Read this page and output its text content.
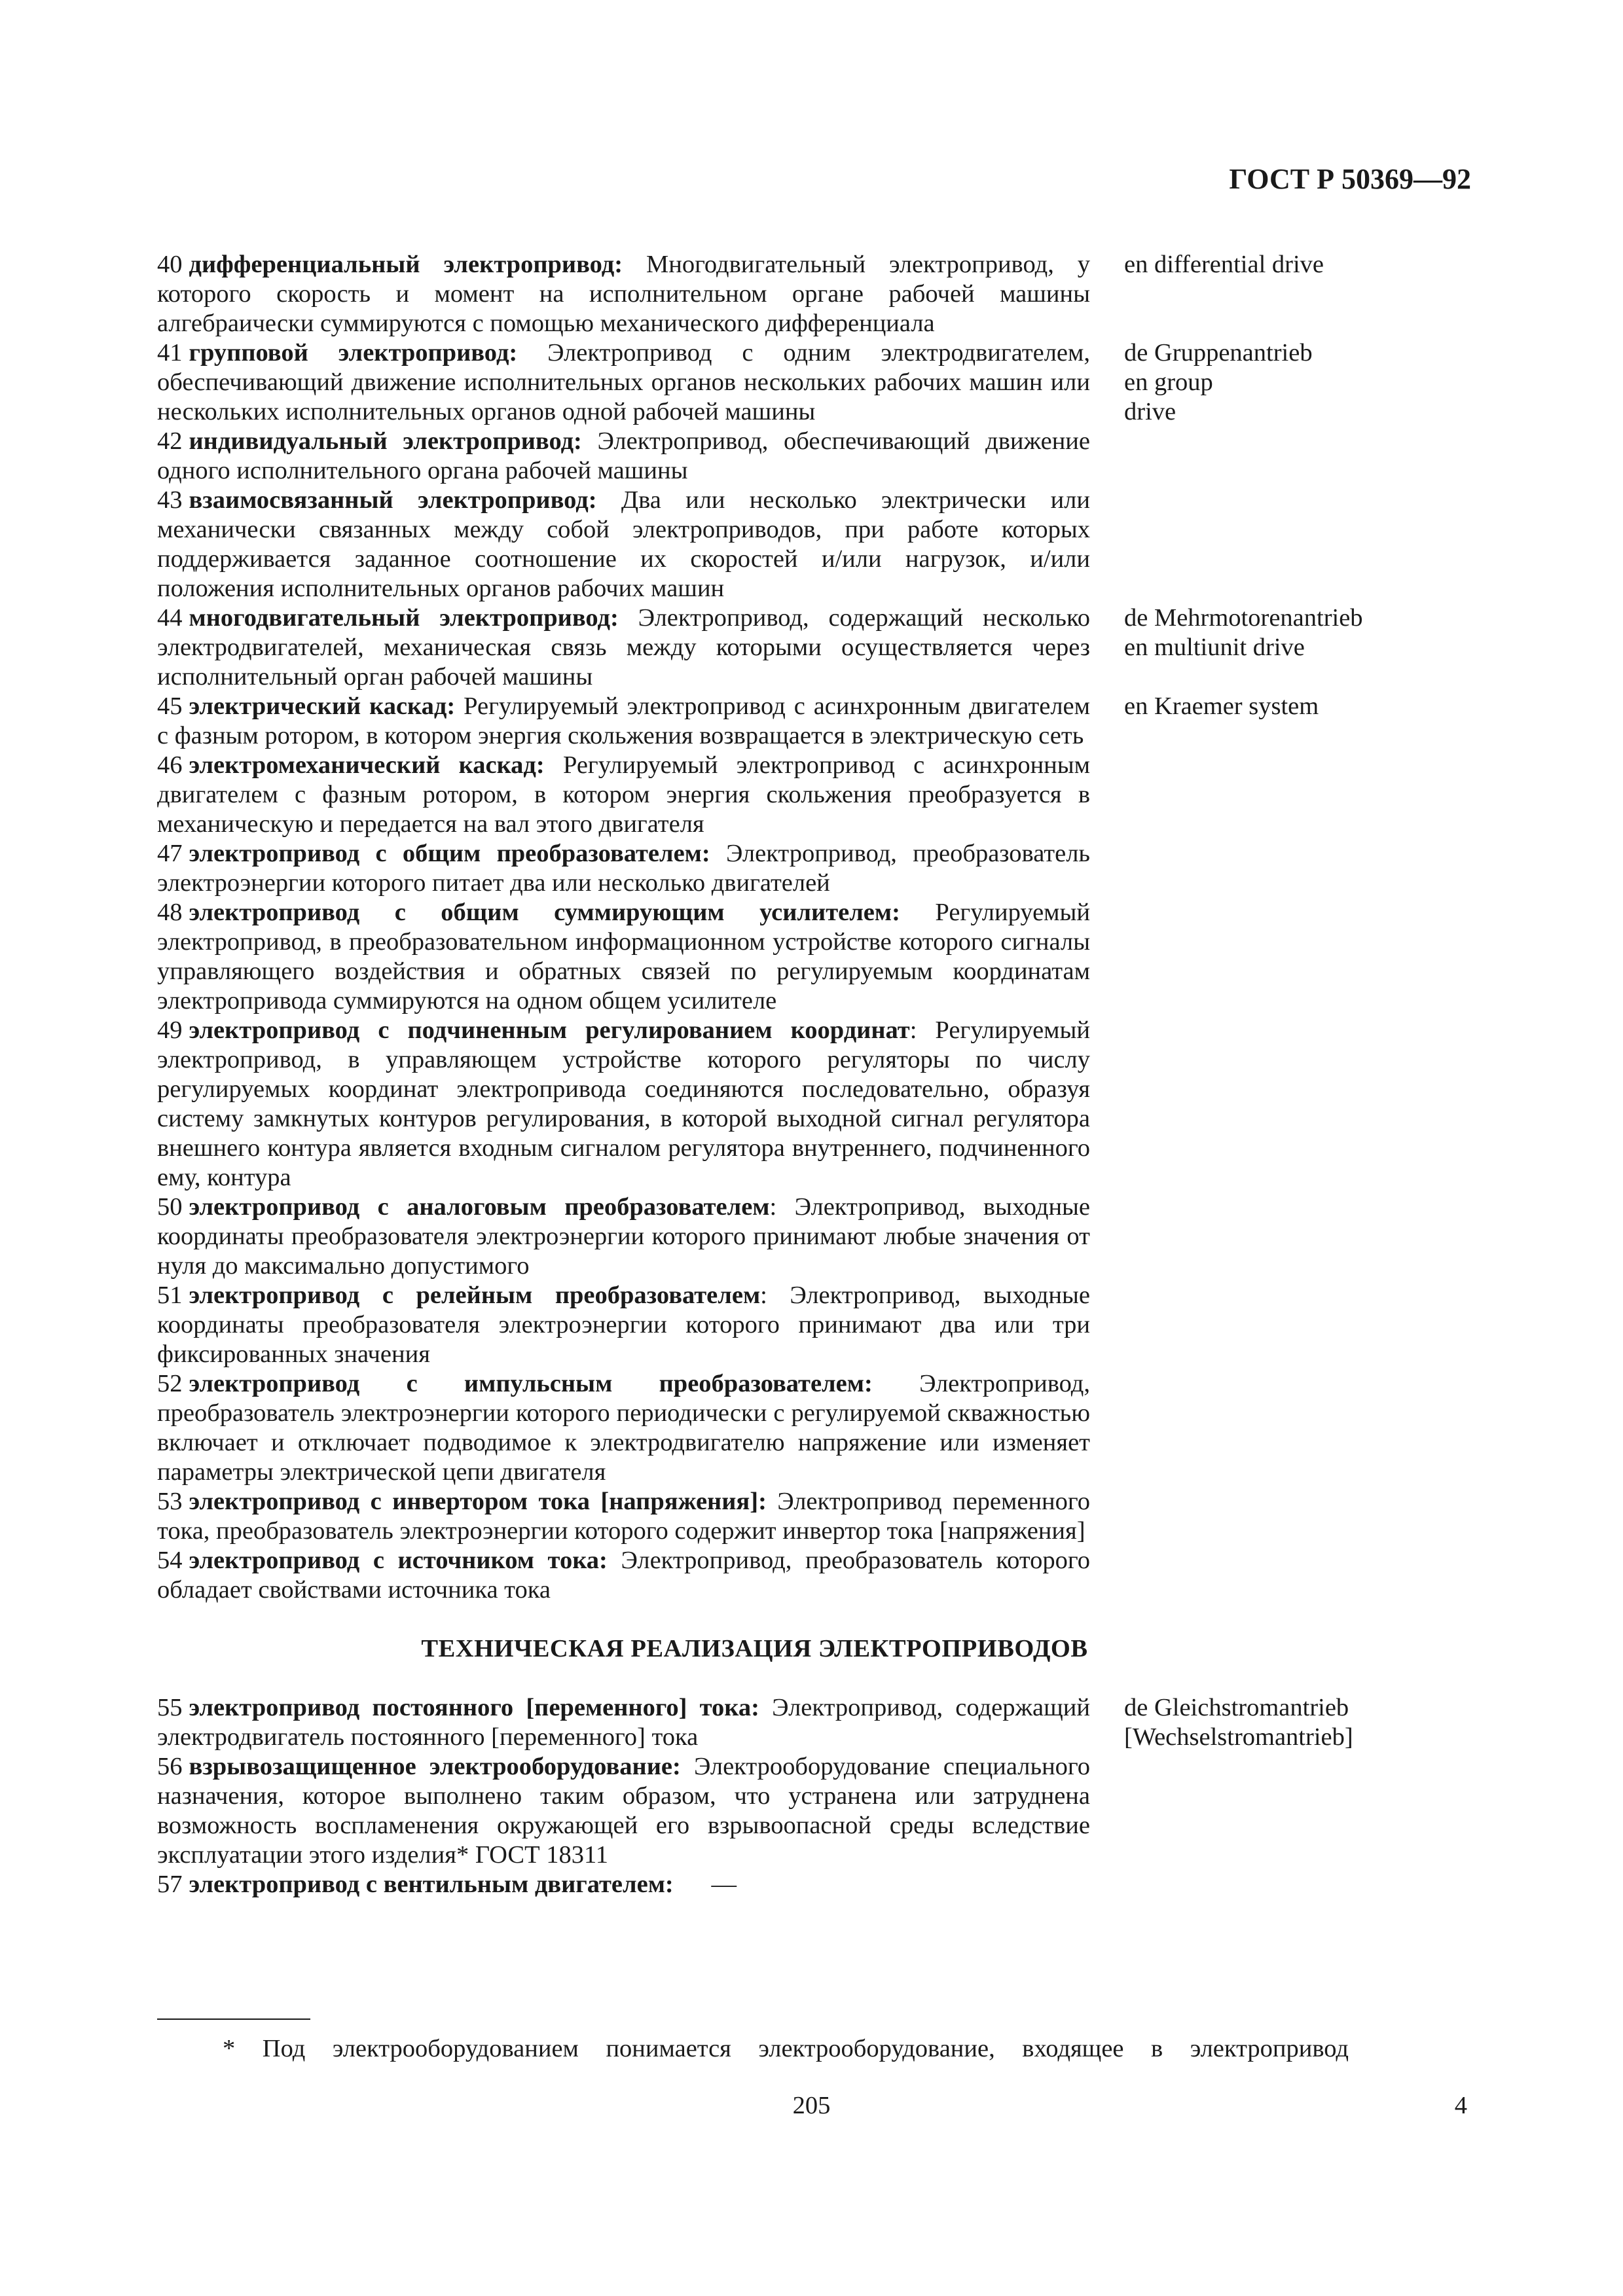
ГОСТ Р 50369—92
40 дифференциальный электропривод: Многодвигательный электропривод, у которого скорость и момент на исполнительном органе рабочей машины алгебраически суммируются с помощью механического дифференциала
en differential drive
41 групповой электропривод: Электропривод с одним электродвигателем, обеспечивающий движение исполнительных органов нескольких рабочих машин или нескольких исполнительных органов одной рабочей машины
de Gruppenantrieb
en group
drive
42 индивидуальный электропривод: Электропривод, обеспечивающий движение одного исполнительного органа рабочей машины
43 взаимосвязанный электропривод: Два или несколько электрически или механически связанных между собой электроприводов, при работе которых поддерживается заданное соотношение их скоростей и/или нагрузок, и/или положения исполнительных органов рабочих машин
44 многодвигательный электропривод: Электропривод, содержащий несколько электродвигателей, механическая связь между которыми осуществляется через исполнительный орган рабочей машины
de Mehrmotorenantrieb
en multiunit drive
45 электрический каскад: Регулируемый электропривод с асинхронным двигателем с фазным ротором, в котором энергия скольжения возвращается в электрическую сеть
en Kraemer system
46 электромеханический каскад: Регулируемый электропривод с асинхронным двигателем с фазным ротором, в котором энергия скольжения преобразуется в механическую и передается на вал этого двигателя
47 электропривод с общим преобразователем: Электропривод, преобразователь электроэнергии которого питает два или несколько двигателей
48 электропривод с общим суммирующим усилителем: Регулируемый электропривод, в преобразовательном информационном устройстве которого сигналы управляющего воздействия и обратных связей по регулируемым координатам электропривода суммируются на одном общем усилителе
49 электропривод с подчиненным регулированием координат: Регулируемый электропривод, в управляющем устройстве которого регуляторы по числу регулируемых координат электропривода соединяются последовательно, образуя систему замкнутых контуров регулирования, в которой выходной сигнал регулятора внешнего контура является входным сигналом регулятора внутреннего, подчиненного ему, контура
50 электропривод с аналоговым преобразователем: Электропривод, выходные координаты преобразователя электроэнергии которого принимают любые значения от нуля до максимально допустимого
51 электропривод с релейным преобразователем: Электропривод, выходные координаты преобразователя электроэнергии которого принимают два или три фиксированных значения
52 электропривод с импульсным преобразователем: Электропривод, преобразователь электроэнергии которого периодически с регулируемой скважностью включает и отключает подводимое к электродвигателю напряжение или изменяет параметры электрической цепи двигателя
53 электропривод с инвертором тока [напряжения]: Электропривод переменного тока, преобразователь электроэнергии которого содержит инвертор тока [напряжения]
54 электропривод с источником тока: Электропривод, преобразователь которого обладает свойствами источника тока
ТЕХНИЧЕСКАЯ РЕАЛИЗАЦИЯ ЭЛЕКТРОПРИВОДОВ
55 электропривод постоянного [переменного] тока: Электропривод, содержащий электродвигатель постоянного [переменного] тока
de Gleichstromantrieb
[Wechselstromantrieb]
56 взрывозащищенное электрооборудование: Электрооборудование специального назначения, которое выполнено таким образом, что устранена или затруднена возможность воспламенения окружающей его взрывоопасной среды вследствие эксплуатации этого изделия* ГОСТ 18311
57 электропривод с вентильным двигателем:      —
* Под электрооборудованием понимается электрооборудование, входящее в электропривод
205	4
